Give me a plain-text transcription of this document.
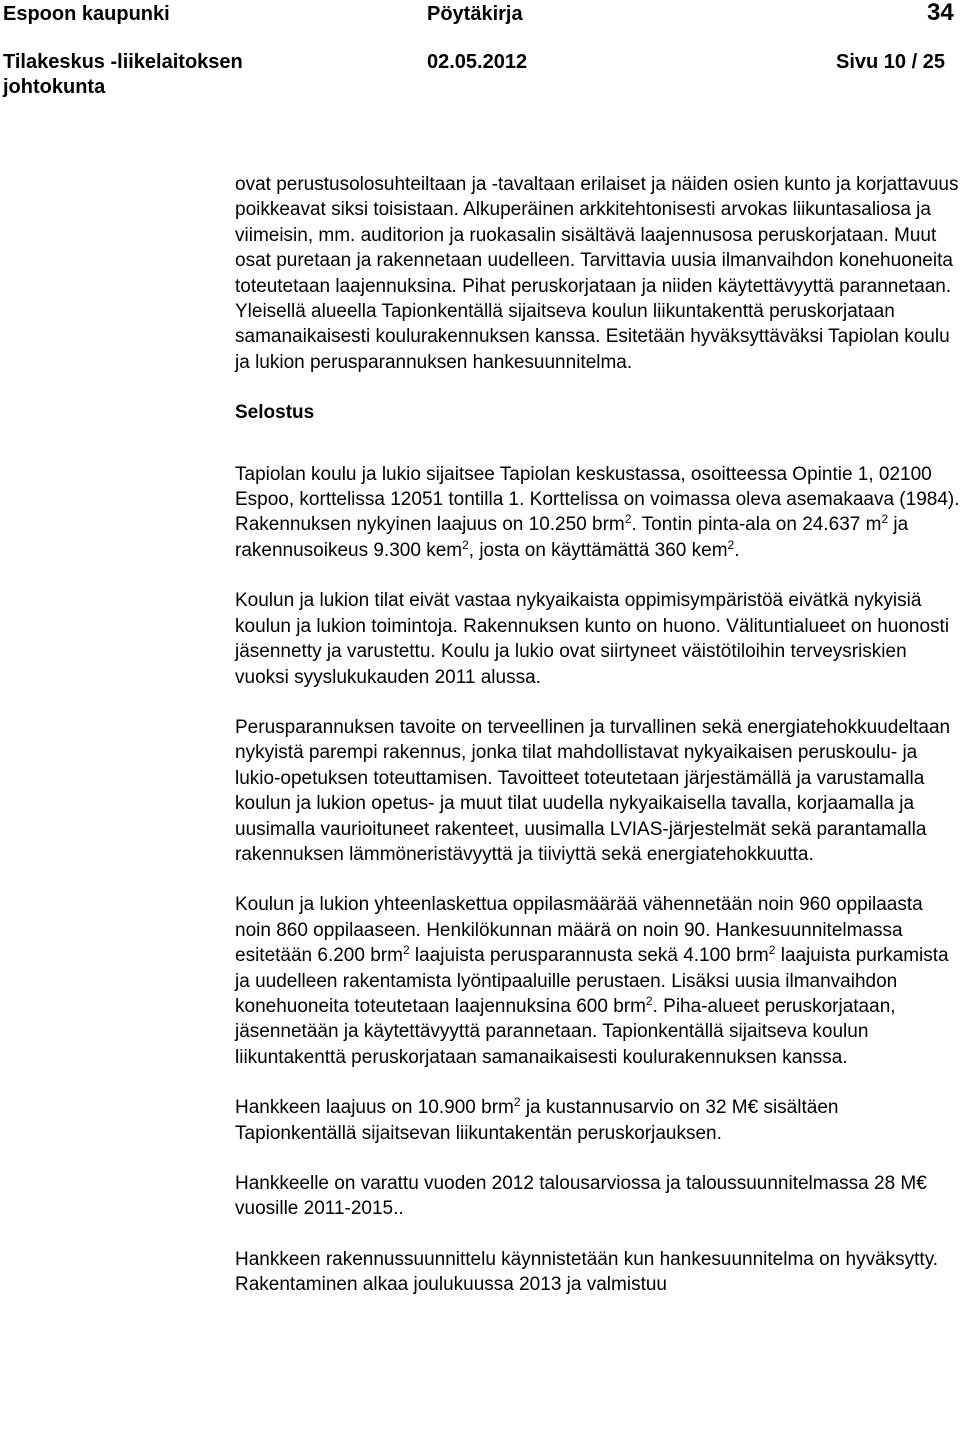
Espoon kaupunki	Pöytäkirja	34
Tilakeskus -liikelaitoksen
johtokunta
02.05.2012	Sivu 10 / 25

ovat perustusolosuhteiltaan ja -tavaltaan erilaiset ja näiden osien kunto ja korjattavuus poikkeavat siksi toisistaan. Alkuperäinen arkkitehtonisesti arvokas liikuntasaliosa ja viimeisin, mm. auditorion ja ruokasalin sisältävä laajennusosa peruskorjataan. Muut osat puretaan ja rakennetaan uudelleen. Tarvittavia uusia ilmanvaihdon konehuoneita toteutetaan laajennuksina. Pihat peruskorjataan ja niiden käytettävyyttä parannetaan. Yleisellä alueella Tapionkentällä sijaitseva koulun liikuntakenttä peruskorjataan samanaikaisesti koulurakennuksen kanssa. Esitetään hyväksyttäväksi Tapiolan koulu ja lukion perusparannuksen hankesuunnitelma.

Selostus

Tapiolan koulu ja lukio sijaitsee Tapiolan keskustassa, osoitteessa Opintie 1, 02100 Espoo, korttelissa 12051 tontilla 1. Korttelissa on voimassa oleva asemakaava (1984). Rakennuksen nykyinen laajuus on 10.250 brm$^2$. Tontin pinta-ala on 24.637 $m^2$ ja rakennusoikeus 9.300 kem$^2$, josta on käyttämättä 360 kem$^2$.

Koulun ja lukion tilat eivät vastaa nykyaikaista oppimisympäristöä eivätkä nykyisiä koulun ja lukion toimintoja. Rakennuksen kunto on huono. Välituntialueet on huonosti jäsennetty ja varustettu. Koulu ja lukio ovat siirtyneet väistötiloihin terveysriskien vuoksi syyslukukauden 2011 alussa.

Perusparannuksen tavoite on terveellinen ja turvallinen sekä energiatehokkuudeltaan nykyistä parempi rakennus, jonka tilat mahdollistavat nykyaikaisen peruskoulu- ja lukio-opetuksen toteuttamisen. Tavoitteet toteutetaan järjestämällä ja varustamalla koulun ja lukion opetus- ja muut tilat uudella nykyaikaisella tavalla, korjaamalla ja uusimalla vaurioituneet rakenteet, uusimalla LVIAS-järjestelmät sekä parantamalla rakennuksen lämmöneristävyyttä ja tiiviyttä sekä energiatehokkuutta.

Koulun ja lukion yhteenlaskettua oppilasmäärää vähennetään noin 960 oppilaasta noin 860 oppilaaseen. Henkilökunnan määrä on noin 90. Hankesuunnitelmassa esitetään 6.200 brm$^2$ laajuista perusparannusta sekä 4.100 brm$^2$ laajuista purkamista ja uudelleen rakentamista lyöntipaaluille perustaen. Lisäksi uusia ilmanvaihdon konehuoneita toteutetaan laajennuksina 600 brm$^2$. Piha-alueet peruskorjataan, jäsennetään ja käytettävyyttä parannetaan. Tapionkentällä sijaitseva koulun liikuntakenttä peruskorjataan samanaikaisesti koulurakennuksen kanssa.

Hankkeen laajuus on 10.900 brm$^2$ ja kustannusarvio on 32 M€ sisältäen Tapionkentällä sijaitsevan liikuntakentän peruskorjauksen.

Hankkeelle on varattu vuoden 2012 talousarviossa ja taloussuunnitelmassa 28 M€ vuosille 2011-2015..

Hankkeen rakennussuunnittelu käynnistetään kun hankesuunnitelma on hyväksytty. Rakentaminen alkaa joulukuussa 2013 ja valmistuu
